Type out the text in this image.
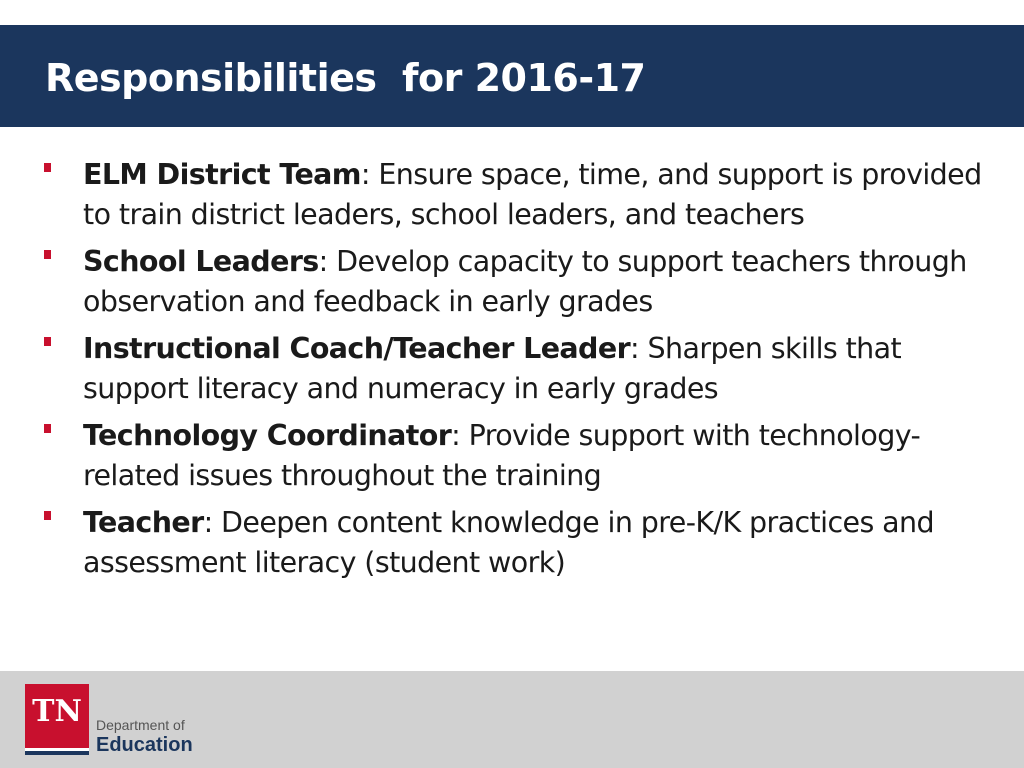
Responsibilities  for 2016-17
ELM District Team: Ensure space, time, and support is provided to train district leaders, school leaders, and teachers
School Leaders: Develop capacity to support teachers through observation and feedback in early grades
Instructional Coach/Teacher Leader: Sharpen skills that support literacy and numeracy in early grades
Technology Coordinator: Provide support with technology-related issues throughout the training
Teacher: Deepen content knowledge in pre-K/K practices and assessment literacy (student work)
TN	Department of
Education
